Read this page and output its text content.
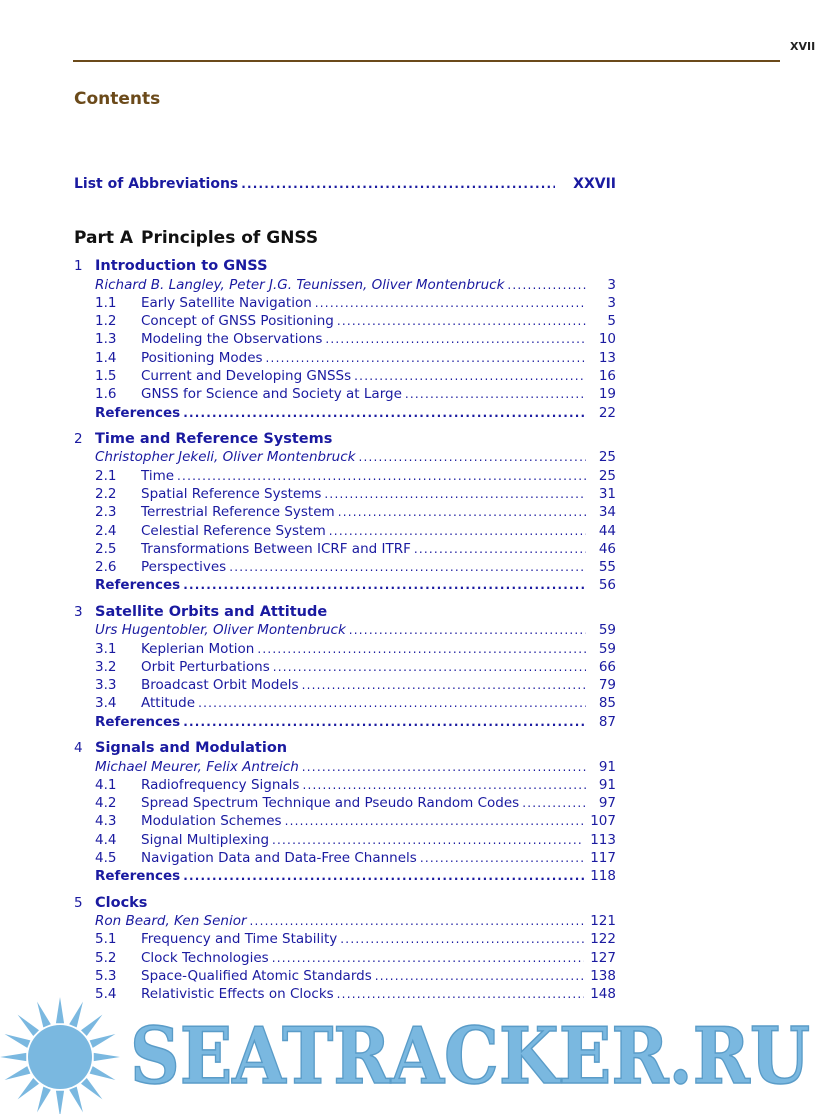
XVII
Contents
List of Abbreviations .....	XXVII
Part A Principles of GNSS
1 Introduction to GNSS
Richard B. Langley, Peter J.G. Teunissen, Oliver Montenbruck .....	3
1.1	Early Satellite Navigation .....	3
1.2	Concept of GNSS Positioning .....	5
1.3	Modeling the Observations .....	10
1.4	Positioning Modes .....	13
1.5	Current and Developing GNSSs .....	16
1.6	GNSS for Science and Society at Large .....	19
References .....	22
2 Time and Reference Systems
Christopher Jekeli, Oliver Montenbruck .....	25
2.1	Time .....	25
2.2	Spatial Reference Systems .....	31
2.3	Terrestrial Reference System .....	34
2.4	Celestial Reference System .....	44
2.5	Transformations Between ICRF and ITRF .....	46
2.6	Perspectives .....	55
References .....	56
3 Satellite Orbits and Attitude
Urs Hugentobler, Oliver Montenbruck .....	59
3.1	Keplerian Motion .....	59
3.2	Orbit Perturbations .....	66
3.3	Broadcast Orbit Models .....	79
3.4	Attitude .....	85
References .....	87
4 Signals and Modulation
Michael Meurer, Felix Antreich .....	91
4.1	Radiofrequency Signals .....	91
4.2	Spread Spectrum Technique and Pseudo Random Codes .....	97
4.3	Modulation Schemes .....	107
4.4	Signal Multiplexing .....	113
4.5	Navigation Data and Data-Free Channels .....	117
References .....	118
5 Clocks
Ron Beard, Ken Senior .....	121
5.1	Frequency and Time Stability .....	122
5.2	Clock Technologies .....	127
5.3	Space-Qualified Atomic Standards .....	138
5.4	Relativistic Effects on Clocks .....	148
SEATRACKER.RU
